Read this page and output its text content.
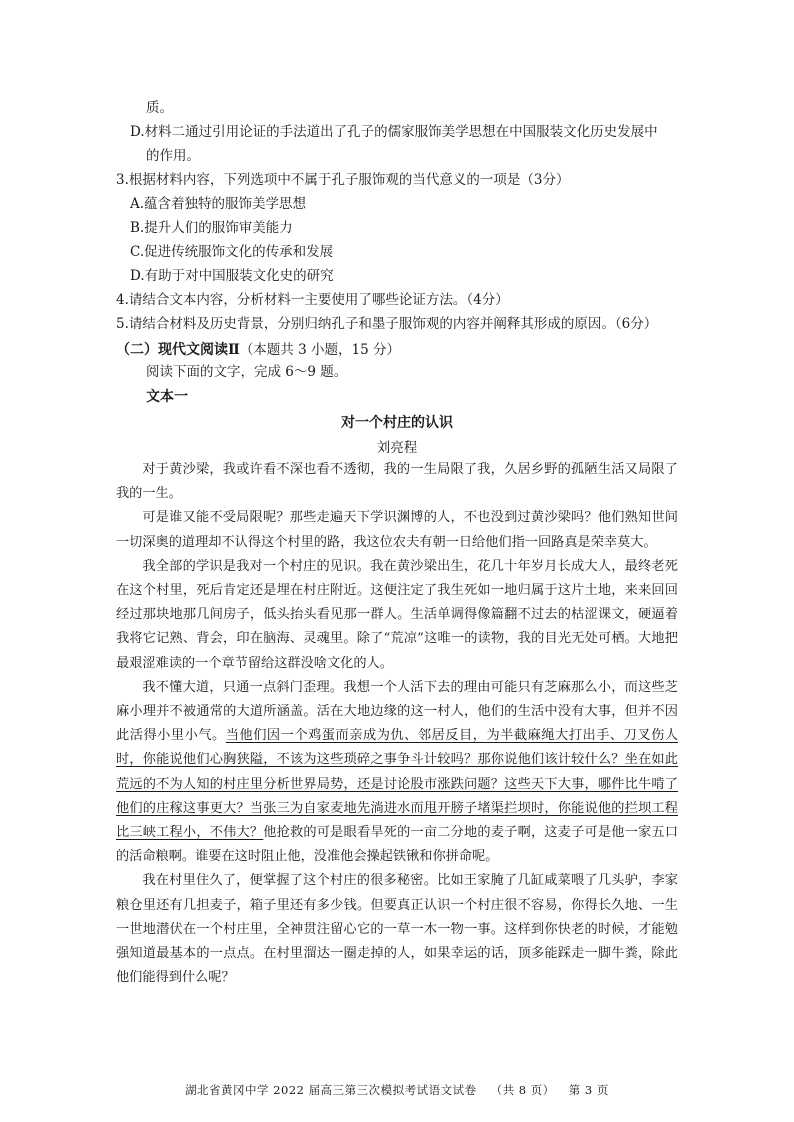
质。
D.材料二通过引用论证的手法道出了孔子的儒家服饰美学思想在中国服装文化历史发展中
的作用。
3.根据材料内容，下列选项中不属于孔子服饰观的当代意义的一项是（3分）
A.蕴含着独特的服饰美学思想
B.提升人们的服饰审美能力
C.促进传统服饰文化的传承和发展
D.有助于对中国服装文化史的研究
4.请结合文本内容，分析材料一主要使用了哪些论证方法。（4分）
5.请结合材料及历史背景，分别归纳孔子和墨子服饰观的内容并阐释其形成的原因。（6分）
（二）现代文阅读Ⅱ（本题共 3 小题，15 分）
阅读下面的文字，完成 6～9 题。
文本一
对一个村庄的认识
刘亮程

对于黄沙梁，我或许看不深也看不透彻，我的一生局限了我，久居乡野的孤陋生活又局限了我的一生。

可是谁又能不受局限呢？那些走遍天下学识渊博的人，不也没到过黄沙梁吗？他们熟知世间一切深奥的道理却不认得这个村里的路，我这位农夫有朝一日给他们指一回路真是荣幸莫大。

我全部的学识是我对一个村庄的见识。我在黄沙梁出生，花几十年岁月长成大人，最终老死在这个村里，死后肯定还是埋在村庄附近。这便注定了我生死如一地归属于这片土地，来来回回经过那块地那几间房子，低头抬头看见那一群人。生活单调得像篇翻不过去的枯涩课文，硬逼着我将它记熟、背会，印在脑海、灵魂里。除了“荒凉”这唯一的读物，我的目光无处可栖。大地把最艰涩难读的一个章节留给这群没啥文化的人。

我不懂大道，只通一点斜门歪理。我想一个人活下去的理由可能只有芝麻那么小，而这些芝麻小理并不被通常的大道所涵盖。活在大地边缘的这一村人，他们的生活中没有大事，但并不因此活得小里小气。当他们因一个鸡蛋而亲成为仇、邻居反目，为半截麻绳大打出手、刀叉伤人时，你能说他们心胸狭隘，不该为这些琐碎之事争斗计较吗？那你说他们该计较什么？坐在如此荒远的不为人知的村庄里分析世界局势，还是讨论股市涨跌问题？这些天下大事，哪件比牛啃了他们的庄稼这事更大？当张三为自家麦地先淌进水而甩开膀子堵渠拦坝时，你能说他的拦坝工程比三峡工程小，不伟大？他抢救的可是眼看旱死的一亩二分地的麦子啊，这麦子可是他一家五口的活命粮啊。谁要在这时阻止他，没准他会操起铁锹和你拼命呢。

我在村里住久了，便掌握了这个村庄的很多秘密。比如王家腌了几缸咸菜喂了几头驴，李家粮仓里还有几担麦子，箱子里还有多少钱。但要真正认识一个村庄很不容易，你得长久地、一生一世地潜伏在一个村庄里，全神贯注留心它的一草一木一物一事。这样到你快老的时候，才能勉强知道最基本的一点点。在村里溜达一圈走掉的人，如果幸运的话，顶多能踩走一脚牛粪，除此他们能得到什么呢？

湖北省黄冈中学 2022 届高三第三次模拟考试语文试卷 （共 8 页） 第 3 页
